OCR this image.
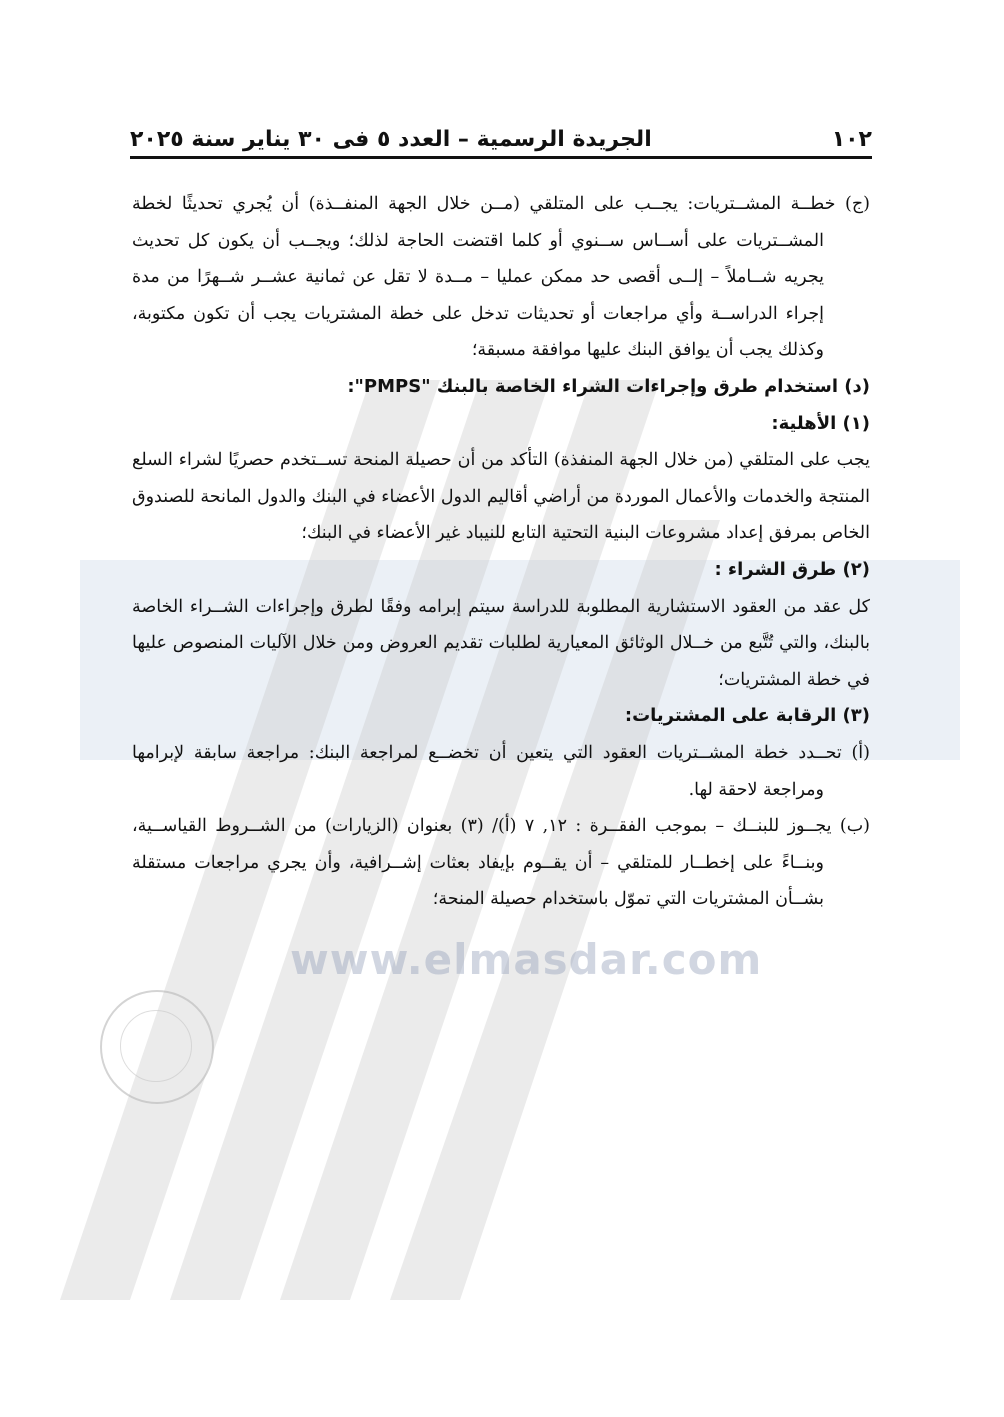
www.elmasdar.com
١٠٢
الجريدة الرسمية – العدد ٥ فى ٣٠ يناير سنة ٢٠٢٥

(ج) خطــة المشــتريات: يجــب على المتلقي (مــن خلال الجهة المنفــذة) أن يُجري تحديثًا لخطة المشــتريات على أســاس ســنوي أو كلما اقتضت الحاجة لذلك؛ ويجــب أن يكون كل تحديث يجريه شــاملاً – إلــى أقصى حد ممكن عمليا – مــدة لا تقل عن ثمانية عشــر شــهرًا من مدة إجراء الدراســة وأي مراجعات أو تحديثات تدخل على خطة المشتريات يجب أن تكون مكتوبة، وكذلك يجب أن يوافق البنك عليها موافقة مسبقة؛

(د) استخدام طرق وإجراءات الشراء الخاصة بالبنك "PMPS":

(١) الأهلية:

يجب على المتلقي (من خلال الجهة المنفذة) التأكد من أن حصيلة المنحة تســتخدم حصريًا لشراء السلع المنتجة والخدمات والأعمال الموردة من أراضي أقاليم الدول الأعضاء في البنك والدول المانحة للصندوق الخاص بمرفق إعداد مشروعات البنية التحتية التابع للنيباد غير الأعضاء في البنك؛

(٢) طرق الشراء :

كل عقد من العقود الاستشارية المطلوبة للدراسة سيتم إبرامه وفقًا لطرق وإجراءات الشــراء الخاصة بالبنك، والتي تُتَّبع من خــلال الوثائق المعيارية لطلبات تقديم العروض ومن خلال الآليات المنصوص عليها في خطة المشتريات؛

(٣) الرقابة على المشتريات:

(أ) تحــدد خطة المشــتريات العقود التي يتعين أن تخضــع لمراجعة البنك: مراجعة سابقة لإبرامها ومراجعة لاحقة لها.

(ب) يجــوز للبنــك – بموجب الفقــرة : ١٢, ٧ (أ)/ (٣) بعنوان (الزيارات) من الشــروط القياســية، وبنــاءً على إخطــار للمتلقي – أن يقــوم بإيفاد بعثات إشــرافية، وأن يجري مراجعات مستقلة بشــأن المشتريات التي تموّل باستخدام حصيلة المنحة؛
